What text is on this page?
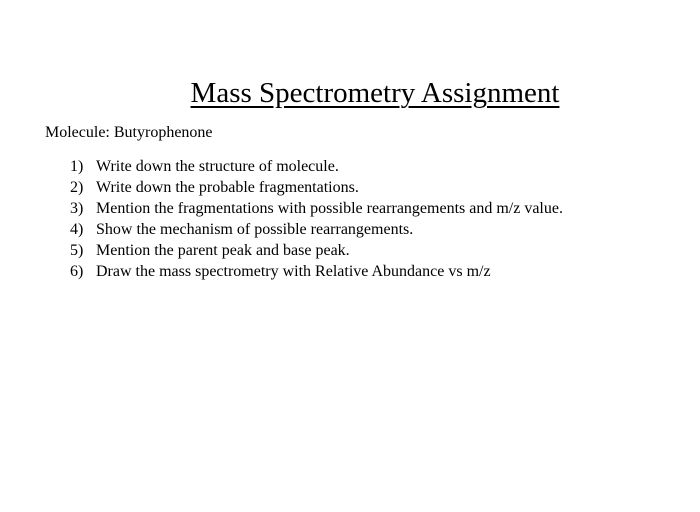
Mass Spectrometry Assignment
Molecule: Butyrophenone
1) Write down the structure of molecule.
2) Write down the probable fragmentations.
3) Mention the fragmentations with possible rearrangements and m/z value.
4) Show the mechanism of possible rearrangements.
5) Mention the parent peak and base peak.
6) Draw the mass spectrometry with Relative Abundance vs m/z
